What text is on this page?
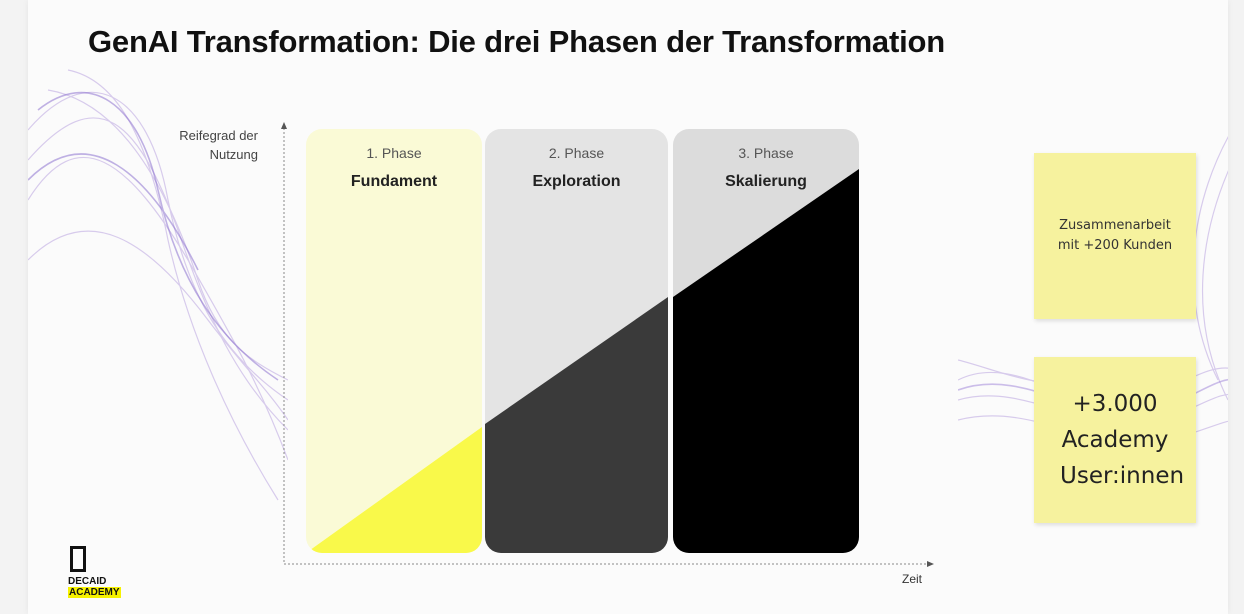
GenAI Transformation: Die drei Phasen der Transformation
Reifegrad der Nutzung	1. Phase
Fundament
2. Phase
Exploration
3. Phase
Skalierung
Zeit
Zusammenarbeit mit +200 Kunden
+3.000 Academy User:innen
DECAID
ACADEMY
